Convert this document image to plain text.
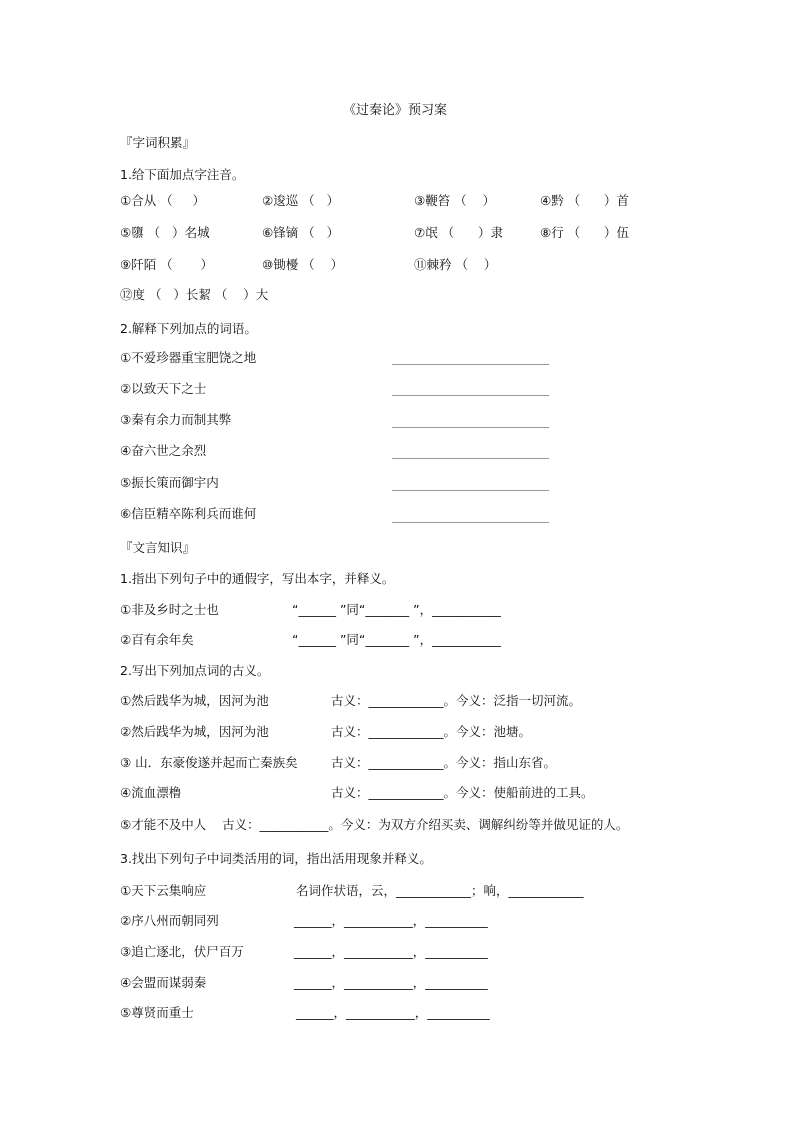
《过秦论》预习案
『字词积累』
1.给下面加点字注音。
①合从 （     ）	②逡巡 （   ）	③鞭笞 （    ）	④黔 （      ）首
⑤隳 （   ）名城	⑥锋镝 （   ）	⑦氓 （      ）隶	⑧行 （      ）伍
⑨阡陌 （       ）	⑩锄櫌 （    ）	⑪棘矜 （    ）
⑫度 （   ）长絜 （    ）大
2.解释下列加点的词语。
①不爱珍器重宝肥饶之地
②以致天下之士
③秦有余力而制其弊
④奋六世之余烈
⑤振长策而御宇内
⑥信臣精卒陈利兵而谁何
『文言知识』
1.指出下列句子中的通假字，写出本字，并释义。
①非及乡时之士也	“______ ”同“_______ ”，___________
②百有余年矣	“______ ”同“_______ ”，___________
2.写出下列加点词的古义。
①然后践华为城，因河为池	古义：____________。今义：泛指一切河流。
②然后践华为城，因河为池	古义：____________。今义：池塘。
③ 山．东豪俊遂并起而亡秦族矣	古义：____________。今义：指山东省。
④流血漂橹	古义：____________。今义：使船前进的工具。
⑤才能不及中人    古义：___________。今义：为双方介绍买卖、调解纠纷等并做见证的人。
3.找出下列句子中词类活用的词，指出活用现象并释义。
①天下云集响应	名词作状语，云，____________；响，____________
②序八州而朝同列	______，___________，__________
③追亡逐北，伏尸百万	______，___________，__________
④会盟而谋弱秦	______，___________，__________
⑤尊贤而重士	______，___________，__________
